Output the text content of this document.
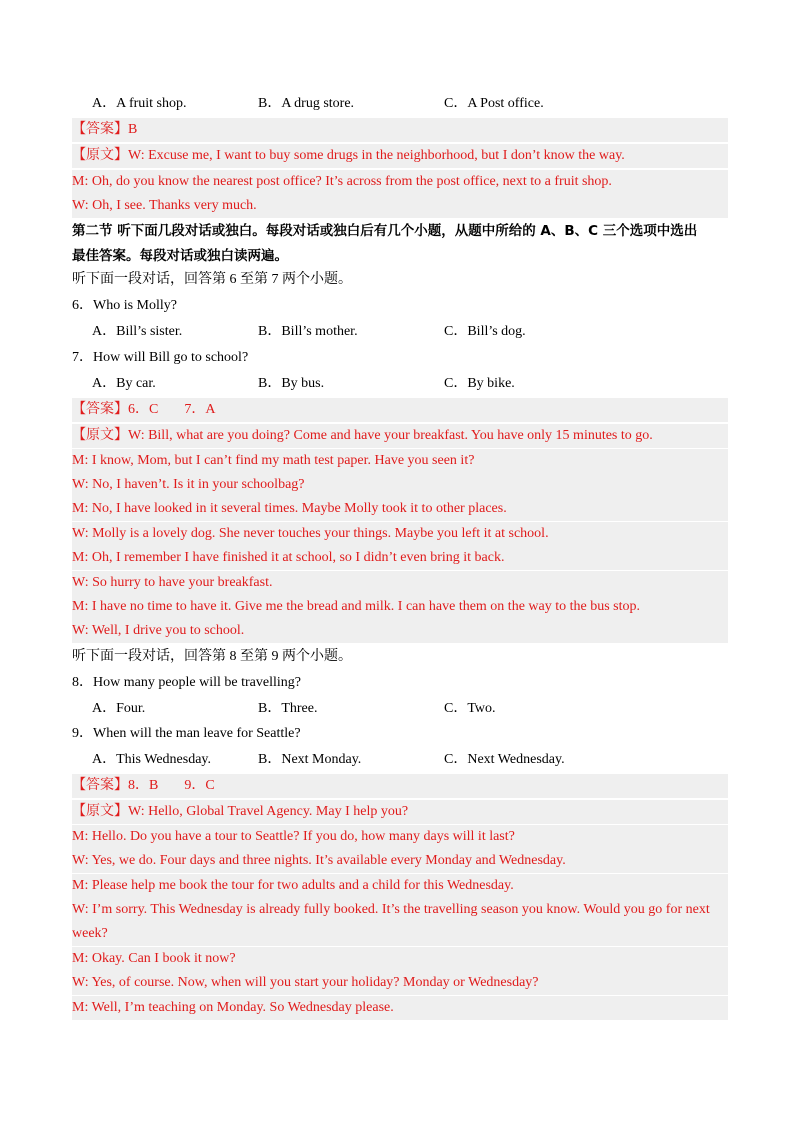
A．A fruit shop.	B．A drug store.	C．A Post office.
【答案】B
【原文】W: Excuse me, I want to buy some drugs in the neighborhood, but I don’t know the way.
M: Oh, do you know the nearest post office? It’s across from the post office, next to a fruit shop.
W: Oh, I see. Thanks very much.
第二节 听下面几段对话或独白。每段对话或独白后有几个小题，从题中所给的 A、B、C 三个选项中选出
最佳答案。每段对话或独白读两遍。
听下面一段对话，回答第 6 至第 7 两个小题。
6．Who is Molly?
A．Bill’s sister.	B．Bill’s mother.	C．Bill’s dog.
7．How will Bill go to school?
A．By car.	B．By bus.	C．By bike.
【答案】6．C 7．A
【原文】W: Bill, what are you doing? Come and have your breakfast. You have only 15 minutes to go.
M: I know, Mom, but I can’t find my math test paper. Have you seen it?
W: No, I haven’t. Is it in your schoolbag?
M: No, I have looked in it several times. Maybe Molly took it to other places.
W: Molly is a lovely dog. She never touches your things. Maybe you left it at school.
M: Oh, I remember I have finished it at school, so I didn’t even bring it back.
W: So hurry to have your breakfast.
M: I have no time to have it. Give me the bread and milk. I can have them on the way to the bus stop.
W: Well, I drive you to school.
听下面一段对话，回答第 8 至第 9 两个小题。
8．How many people will be travelling?
A．Four.	B．Three.	C．Two.
9．When will the man leave for Seattle?
A．This Wednesday.	B．Next Monday.	C．Next Wednesday.
【答案】8．B 9．C
【原文】W: Hello, Global Travel Agency. May I help you?
M: Hello. Do you have a tour to Seattle? If you do, how many days will it last?
W: Yes, we do. Four days and three nights. It’s available every Monday and Wednesday.
M: Please help me book the tour for two adults and a child for this Wednesday.
W: I’m sorry. This Wednesday is already fully booked. It’s the travelling season you know. Would you go for next
week?
M: Okay. Can I book it now?
W: Yes, of course. Now, when will you start your holiday? Monday or Wednesday?
M: Well, I’m teaching on Monday. So Wednesday please.
